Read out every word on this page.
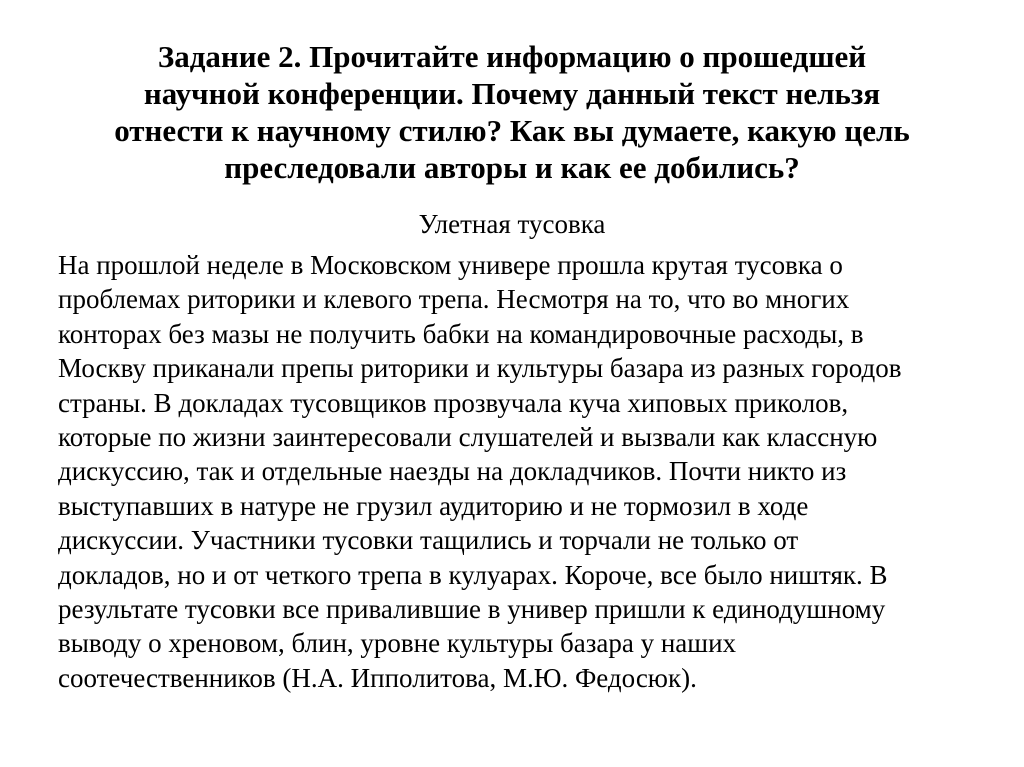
Задание 2. Прочитайте информацию о прошедшей
научной конференции. Почему данный текст нельзя
отнести к научному стилю? Как вы думаете, какую цель
преследовали авторы и как ее добились?
Улетная тусовка

На прошлой неделе в Московском универе прошла крутая тусовка о
проблемах риторики и клевого трепа. Несмотря на то, что во многих
конторах без мазы не получить бабки на командировочные расходы, в
Москву приканали препы риторики и культуры базара из разных городов
страны. В докладах тусовщиков прозвучала куча хиповых приколов,
которые по жизни заинтересовали слушателей и вызвали как классную
дискуссию, так и отдельные наезды на докладчиков. Почти никто из
выступавших в натуре не грузил аудиторию и не тормозил в ходе
дискуссии. Участники тусовки тащились и торчали не только от
докладов, но и от четкого трепа в кулуарах. Короче, все было ништяк. В
результате тусовки все привалившие в универ пришли к единодушному
выводу о хреновом, блин, уровне культуры базара у наших
соотечественников (Н.А. Ипполитова, М.Ю. Федосюк).
